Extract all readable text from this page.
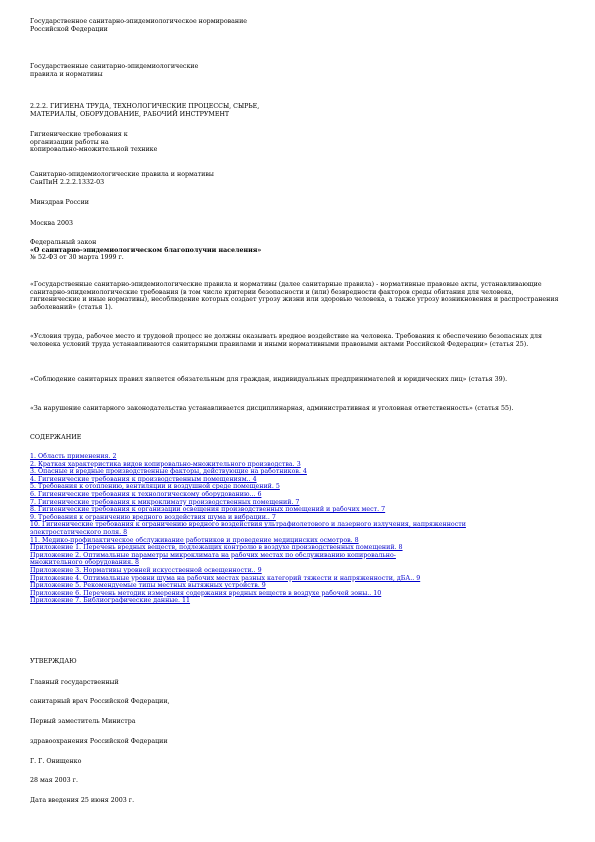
Государственное санитарно-эпидемиологическое нормирование
Российской Федерации
Государственные санитарно-эпидемиологические
правила и нормативы
2.2.2. ГИГИЕНА ТРУДА, ТЕХНОЛОГИЧЕСКИЕ ПРОЦЕССЫ, СЫРЬЕ,
МАТЕРИАЛЫ, ОБОРУДОВАНИЕ, РАБОЧИЙ ИНСТРУМЕНТ
Гигиенические требования к
организации работы на
копировально-множительной технике
Санитарно-эпидемиологические правила и нормативы
СанПиН 2.2.2.1332-03
Минздрав России
Москва 2003
Федеральный закон
«О санитарно-эпидемиологическом благополучии населения»
№ 52-ФЗ от 30 марта 1999 г.
«Государственные санитарно-эпидемиологические правила и нормативы (далее санитарные правила) - нормативные правовые акты, устанавливающие санитарно-эпидемиологические требования (в том числе критерии безопасности и (или) безвредности факторов среды обитания для человека, гигиенические и иные нормативы), несоблюдение которых создает угрозу жизни или здоровью человека, а также угрозу возникновения и распространения заболеваний» (статья 1).
«Условия труда, рабочее место и трудовой процесс не должны оказывать вредное воздействие на человека. Требования к обеспечению безопасных для человека условий труда устанавливаются санитарными правилами и иными нормативными правовыми актами Российской Федерации» (статья 25).
«Соблюдение санитарных правил является обязательным для граждан, индивидуальных предпринимателей и юридических лиц» (статья 39).
«За нарушение санитарного законодательства устанавливается дисциплинарная, административная и уголовная ответственность» (статья 55).
СОДЕРЖАНИЕ
1. Область применения. 2
2. Краткая характеристика видов копировально-множительного производства. 3
3. Опасные и вредные производственные факторы, действующие на работников. 4
4. Гигиенические требования к производственным помещениям.. 4
5. Требования к отоплению, вентиляции и воздушной среде помещений. 5
6. Гигиенические требования к технологическому оборудованию... 6
7. Гигиенические требования к микроклимату производственных помещений. 7
8. Гигиенические требования к организации освещения производственных помещений и рабочих мест. 7
9. Требования к ограничению вредного воздействия шума и вибрации.. 7
10. Гигиенические требования к ограничению вредного воздействия ультрафиолетового и лазерного излучения, напряженности электростатического поля. 8
11. Медико-профилактическое обслуживание работников и проведение медицинских осмотров. 8
Приложение 1. Перечень вредных веществ, подлежащих контролю в воздухе производственных помещений. 8
Приложение 2. Оптимальные параметры микроклимата на рабочих местах по обслуживанию копировально-множительного оборудования. 8
Приложение 3. Нормативы уровней искусственной освещенности.. 9
Приложение 4. Оптимальные уровни шума на рабочих местах разных категорий тяжести и напряженности, дБА.. 9
Приложение 5. Рекомендуемые типы местных вытяжных устройств. 9
Приложение 6. Перечень методик измерения содержания вредных веществ в воздухе рабочей зоны.. 10
Приложение 7. Библиографические данные. 11
УТВЕРЖДАЮ
Главный государственный
санитарный врач Российской Федерации,
Первый заместитель Министра
здравоохранения Российской Федерации
Г. Г. Онищенко
28 мая 2003 г.
Дата введения 25 июня 2003 г.
